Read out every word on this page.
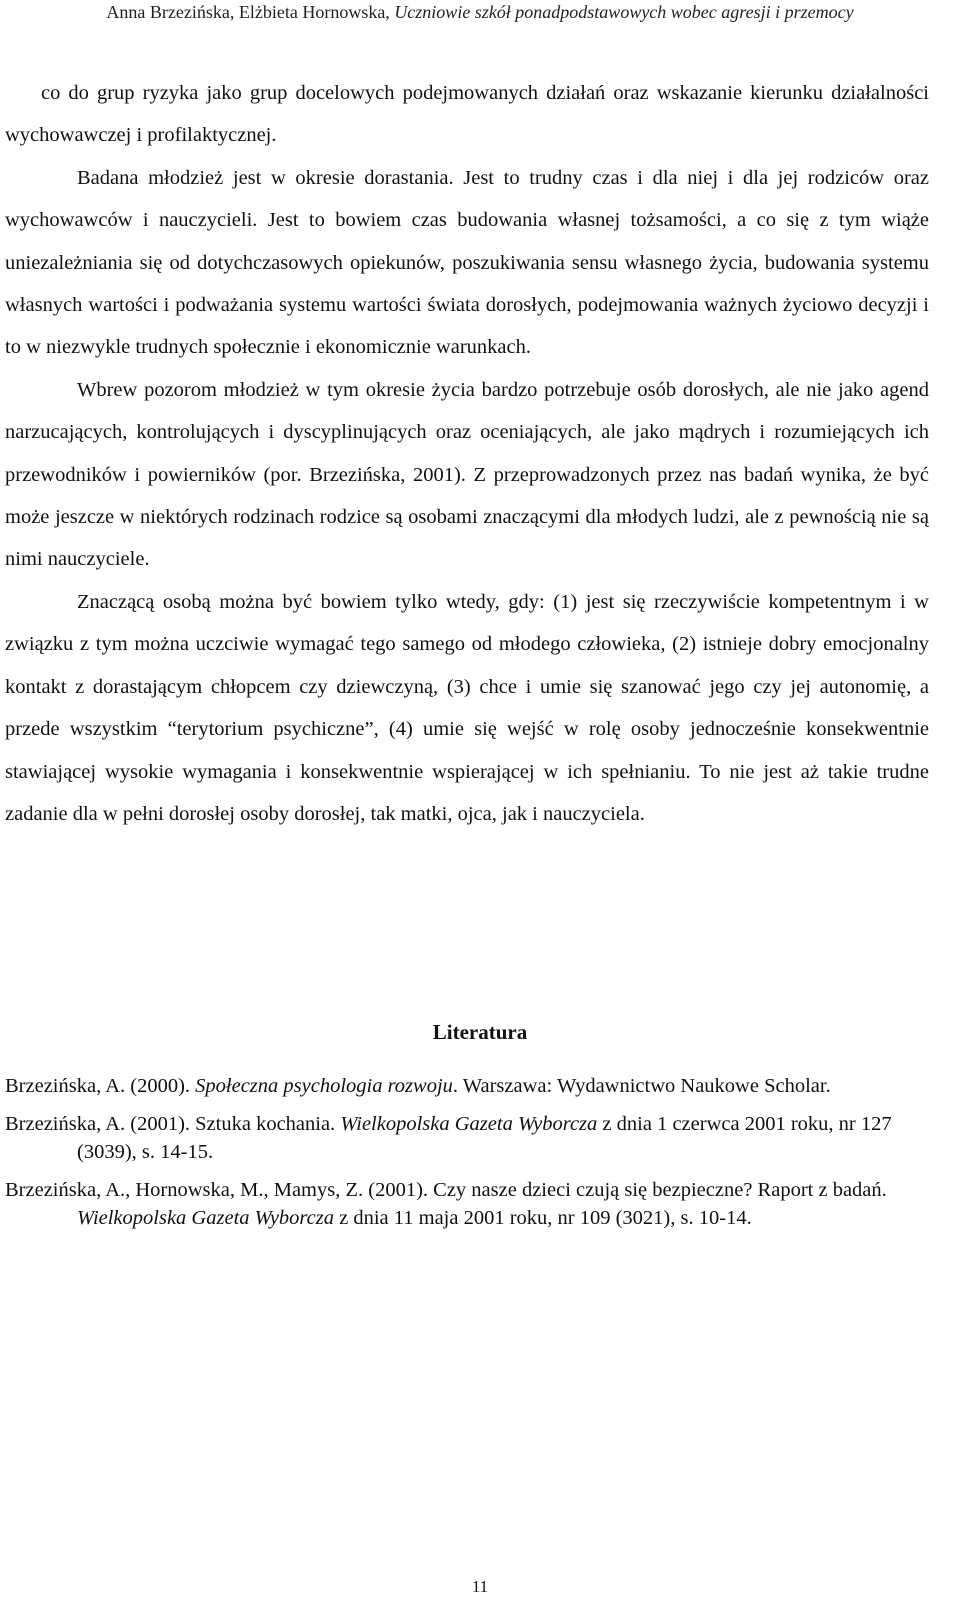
Anna Brzezińska, Elżbieta Hornowska, Uczniowie szkół ponadpodstawowych wobec agresji i przemocy

co do grup ryzyka jako grup docelowych podejmowanych działań oraz wskazanie kierunku działalności wychowawczej i profilaktycznej.

Badana młodzież jest w okresie dorastania. Jest to trudny czas i dla niej i dla jej rodziców oraz wychowawców i nauczycieli. Jest to bowiem czas budowania własnej tożsamości, a co się z tym wiąże uniezależniania się od dotychczasowych opiekunów, poszukiwania sensu własnego życia, budowania systemu własnych wartości i podważania systemu wartości świata dorosłych, podejmowania ważnych życiowo decyzji i to w niezwykle trudnych społecznie i ekonomicznie warunkach.

Wbrew pozorom młodzież w tym okresie życia bardzo potrzebuje osób dorosłych, ale nie jako agend narzucających, kontrolujących i dyscyplinujących oraz oceniających, ale jako mądrych i rozumiejących ich przewodników i powierników (por. Brzezińska, 2001). Z przeprowadzonych przez nas badań wynika, że być może jeszcze w niektórych rodzinach rodzice są osobami znaczącymi dla młodych ludzi, ale z pewnością nie są nimi nauczyciele.

Znaczącą osobą można być bowiem tylko wtedy, gdy: (1) jest się rzeczywiście kompetentnym i w związku z tym można uczciwie wymagać tego samego od młodego człowieka, (2) istnieje dobry emocjonalny kontakt z dorastającym chłopcem czy dziewczyną, (3) chce i umie się szanować jego czy jej autonomię, a przede wszystkim “terytorium psychiczne”, (4) umie się wejść w rolę osoby jednocześnie konsekwentnie stawiającej wysokie wymagania i konsekwentnie wspierającej w ich spełnianiu. To nie jest aż takie trudne zadanie dla w pełni dorosłej osoby dorosłej, tak matki, ojca, jak i nauczyciela.

Literatura

Brzezińska, A. (2000). Społeczna psychologia rozwoju. Warszawa: Wydawnictwo Naukowe Scholar.

Brzezińska, A. (2001). Sztuka kochania. Wielkopolska Gazeta Wyborcza z dnia 1 czerwca 2001 roku, nr 127 (3039), s. 14-15.

Brzezińska, A., Hornowska, M., Mamys, Z. (2001). Czy nasze dzieci czują się bezpieczne? Raport z badań. Wielkopolska Gazeta Wyborcza z dnia 11 maja 2001 roku, nr 109 (3021), s. 10-14.

11
